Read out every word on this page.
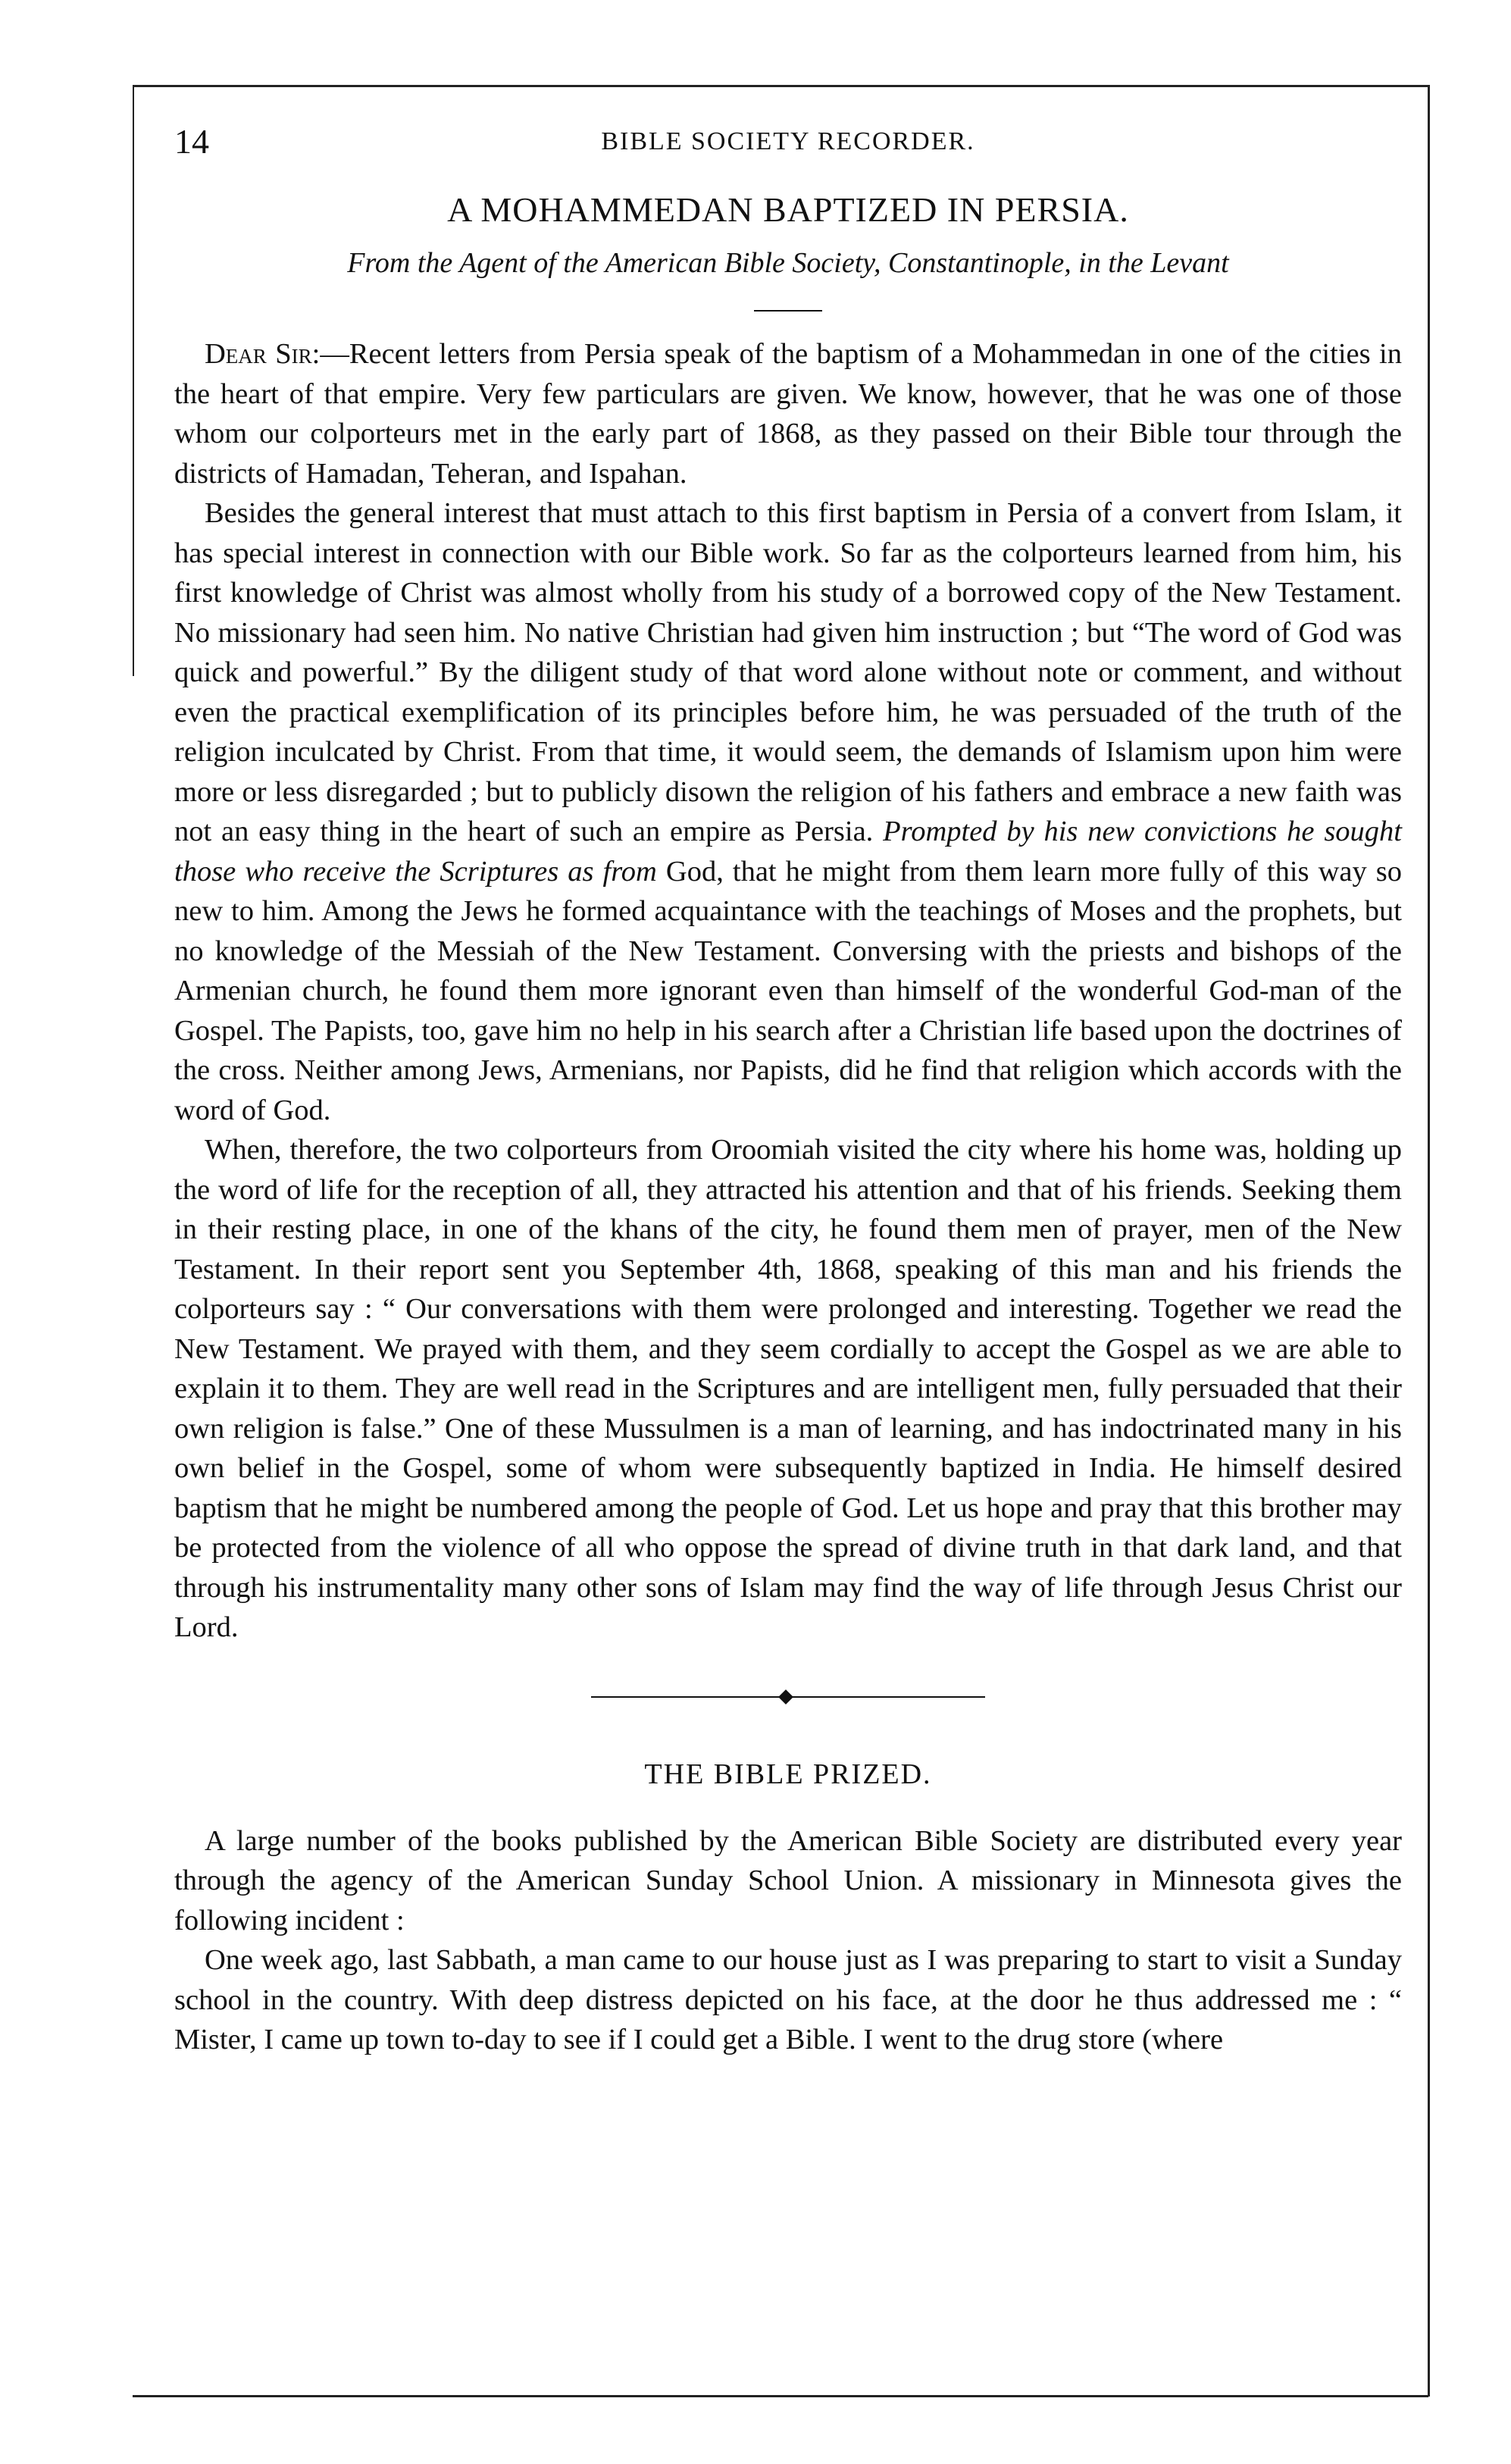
14	BIBLE SOCIETY RECORDER.
A MOHAMMEDAN BAPTIZED IN PERSIA.
From the Agent of the American Bible Society, Constantinople, in the Levant

Dear Sir:—Recent letters from Persia speak of the baptism of a Mohammedan in one of the cities in the heart of that empire. Very few particulars are given. We know, however, that he was one of those whom our colporteurs met in the early part of 1868, as they passed on their Bible tour through the districts of Hamadan, Teheran, and Ispahan.

Besides the general interest that must attach to this first baptism in Persia of a convert from Islam, it has special interest in connection with our Bible work. So far as the colporteurs learned from him, his first knowledge of Christ was almost wholly from his study of a borrowed copy of the New Testament. No missionary had seen him. No native Christian had given him instruction ; but “The word of God was quick and powerful.” By the diligent study of that word alone without note or comment, and without even the practical exemplification of its principles before him, he was persuaded of the truth of the religion inculcated by Christ. From that time, it would seem, the demands of Islamism upon him were more or less disregarded ; but to publicly disown the religion of his fathers and embrace a new faith was not an easy thing in the heart of such an empire as Persia. Prompted by his new convictions he sought those who receive the Scriptures as from God, that he might from them learn more fully of this way so new to him. Among the Jews he formed acquaintance with the teachings of Moses and the prophets, but no knowledge of the Messiah of the New Testament. Conversing with the priests and bishops of the Armenian church, he found them more ignorant even than himself of the wonderful God-man of the Gospel. The Papists, too, gave him no help in his search after a Christian life based upon the doctrines of the cross. Neither among Jews, Armenians, nor Papists, did he find that religion which accords with the word of God.

When, therefore, the two colporteurs from Oroomiah visited the city where his home was, holding up the word of life for the reception of all, they attracted his attention and that of his friends. Seeking them in their resting place, in one of the khans of the city, he found them men of prayer, men of the New Testament. In their report sent you September 4th, 1868, speaking of this man and his friends the colporteurs say : “ Our conversations with them were prolonged and interesting. Together we read the New Testament. We prayed with them, and they seem cordially to accept the Gospel as we are able to explain it to them. They are well read in the Scriptures and are intelligent men, fully persuaded that their own religion is false.” One of these Mussulmen is a man of learning, and has indoctrinated many in his own belief in the Gospel, some of whom were subsequently baptized in India. He himself desired baptism that he might be numbered among the people of God. Let us hope and pray that this brother may be protected from the violence of all who oppose the spread of divine truth in that dark land, and that through his instrumentality many other sons of Islam may find the way of life through Jesus Christ our Lord.

THE BIBLE PRIZED.

A large number of the books published by the American Bible Society are distributed every year through the agency of the American Sunday School Union. A missionary in Minnesota gives the following incident :

One week ago, last Sabbath, a man came to our house just as I was preparing to start to visit a Sunday school in the country. With deep distress depicted on his face, at the door he thus addressed me : “ Mister, I came up town to-day to see if I could get a Bible. I went to the drug store (where
